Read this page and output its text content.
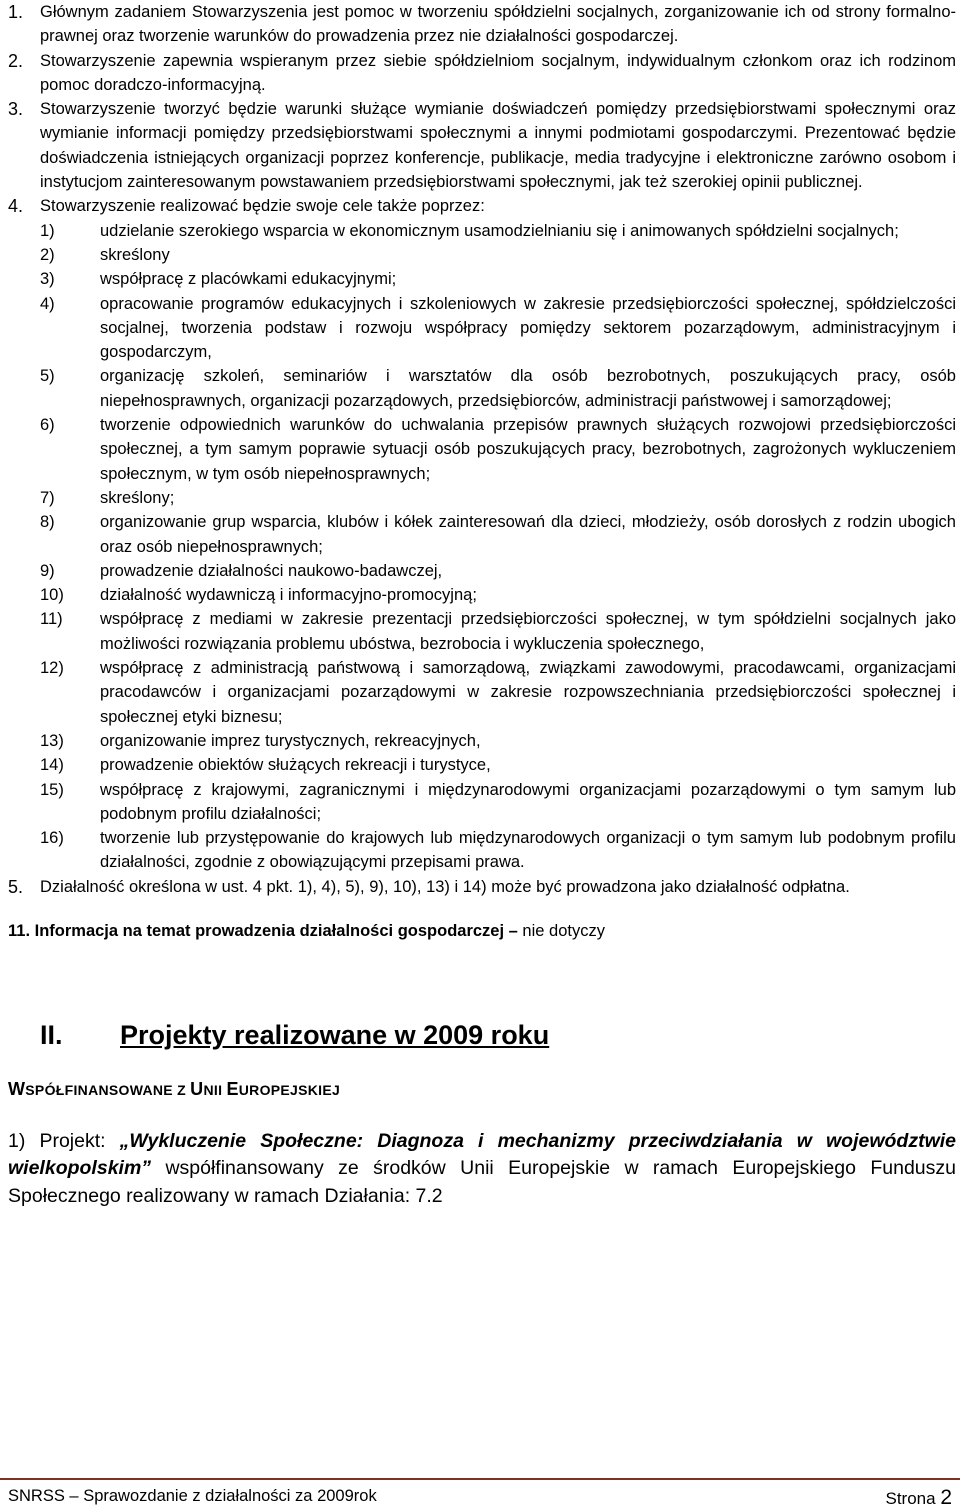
1. Głównym zadaniem Stowarzyszenia jest pomoc w tworzeniu spółdzielni socjalnych, zorganizowanie ich od strony formalno-prawnej oraz tworzenie warunków do prowadzenia przez nie działalności gospodarczej.

2. Stowarzyszenie zapewnia wspieranym przez siebie spółdzielniom socjalnym, indywidualnym członkom oraz ich rodzinom pomoc doradczo-informacyjną.

3. Stowarzyszenie tworzyć będzie warunki służące wymianie doświadczeń pomiędzy przedsiębiorstwami społecznymi oraz wymianie informacji pomiędzy przedsiębiorstwami społecznymi a innymi podmiotami gospodarczymi. Prezentować będzie doświadczenia istniejących organizacji poprzez konferencje, publikacje, media tradycyjne i elektroniczne zarówno osobom i instytucjom zainteresowanym powstawaniem przedsiębiorstwami społecznymi, jak też szerokiej opinii publicznej.

4. Stowarzyszenie realizować będzie swoje cele także poprzez:

1)	udzielanie szerokiego wsparcia w ekonomicznym usamodzielnianiu się i animowanych spółdzielni socjalnych;
2)	skreślony
3)	współpracę z placówkami edukacyjnymi;
4)	opracowanie programów edukacyjnych i szkoleniowych w zakresie przedsiębiorczości społecznej, spółdzielczości socjalnej, tworzenia podstaw i rozwoju współpracy pomiędzy sektorem pozarządowym, administracyjnym i gospodarczym,
5)	organizację szkoleń, seminariów i warsztatów dla osób bezrobotnych, poszukujących pracy, osób niepełnosprawnych, organizacji pozarządowych, przedsiębiorców, administracji państwowej i samorządowej;
6)	tworzenie odpowiednich warunków do uchwalania przepisów prawnych służących rozwojowi przedsiębiorczości społecznej, a tym samym poprawie sytuacji osób poszukujących pracy, bezrobotnych, zagrożonych wykluczeniem społecznym, w tym osób niepełnosprawnych;
7)	skreślony;
8)	organizowanie grup wsparcia, klubów i kółek zainteresowań dla dzieci, młodzieży, osób dorosłych z rodzin ubogich oraz osób niepełnosprawnych;
9)	prowadzenie działalności naukowo-badawczej,
10) działalność wydawniczą i informacyjno-promocyjną;
11) współpracę z mediami w zakresie prezentacji przedsiębiorczości społecznej, w tym spółdzielni socjalnych jako możliwości rozwiązania problemu ubóstwa, bezrobocia i wykluczenia społecznego,
12) współpracę z administracją państwową i samorządową, związkami zawodowymi, pracodawcami, organizacjami pracodawców i organizacjami pozarządowymi w zakresie rozpowszechniania przedsiębiorczości społecznej i społecznej etyki biznesu;
13) organizowanie imprez turystycznych, rekreacyjnych,
14) prowadzenie obiektów służących rekreacji i turystyce,
15) współpracę z krajowymi, zagranicznymi i międzynarodowymi organizacjami pozarządowymi o tym samym lub podobnym profilu działalności;
16) tworzenie lub przystępowanie do krajowych lub międzynarodowych organizacji o tym samym lub podobnym profilu działalności, zgodnie z obowiązującymi przepisami prawa.

5. Działalność określona w ust. 4 pkt. 1), 4), 5), 9), 10), 13) i 14) może być prowadzona jako działalność odpłatna.

11. Informacja na temat prowadzenia działalności gospodarczej – nie dotyczy

II. Projekty realizowane w 2009 roku

WSPÓŁFINANSOWANE Z UNII EUROPEJSKIEJ

1) Projekt: „Wykluczenie Społeczne: Diagnoza i mechanizmy przeciwdziałania w województwie wielkopolskim” współfinansowany ze środków Unii Europejskie w ramach Europejskiego Funduszu Społecznego realizowany w ramach Działania: 7.2

SNRSS – Sprawozdanie z działalności za 2009rok	Strona 2
